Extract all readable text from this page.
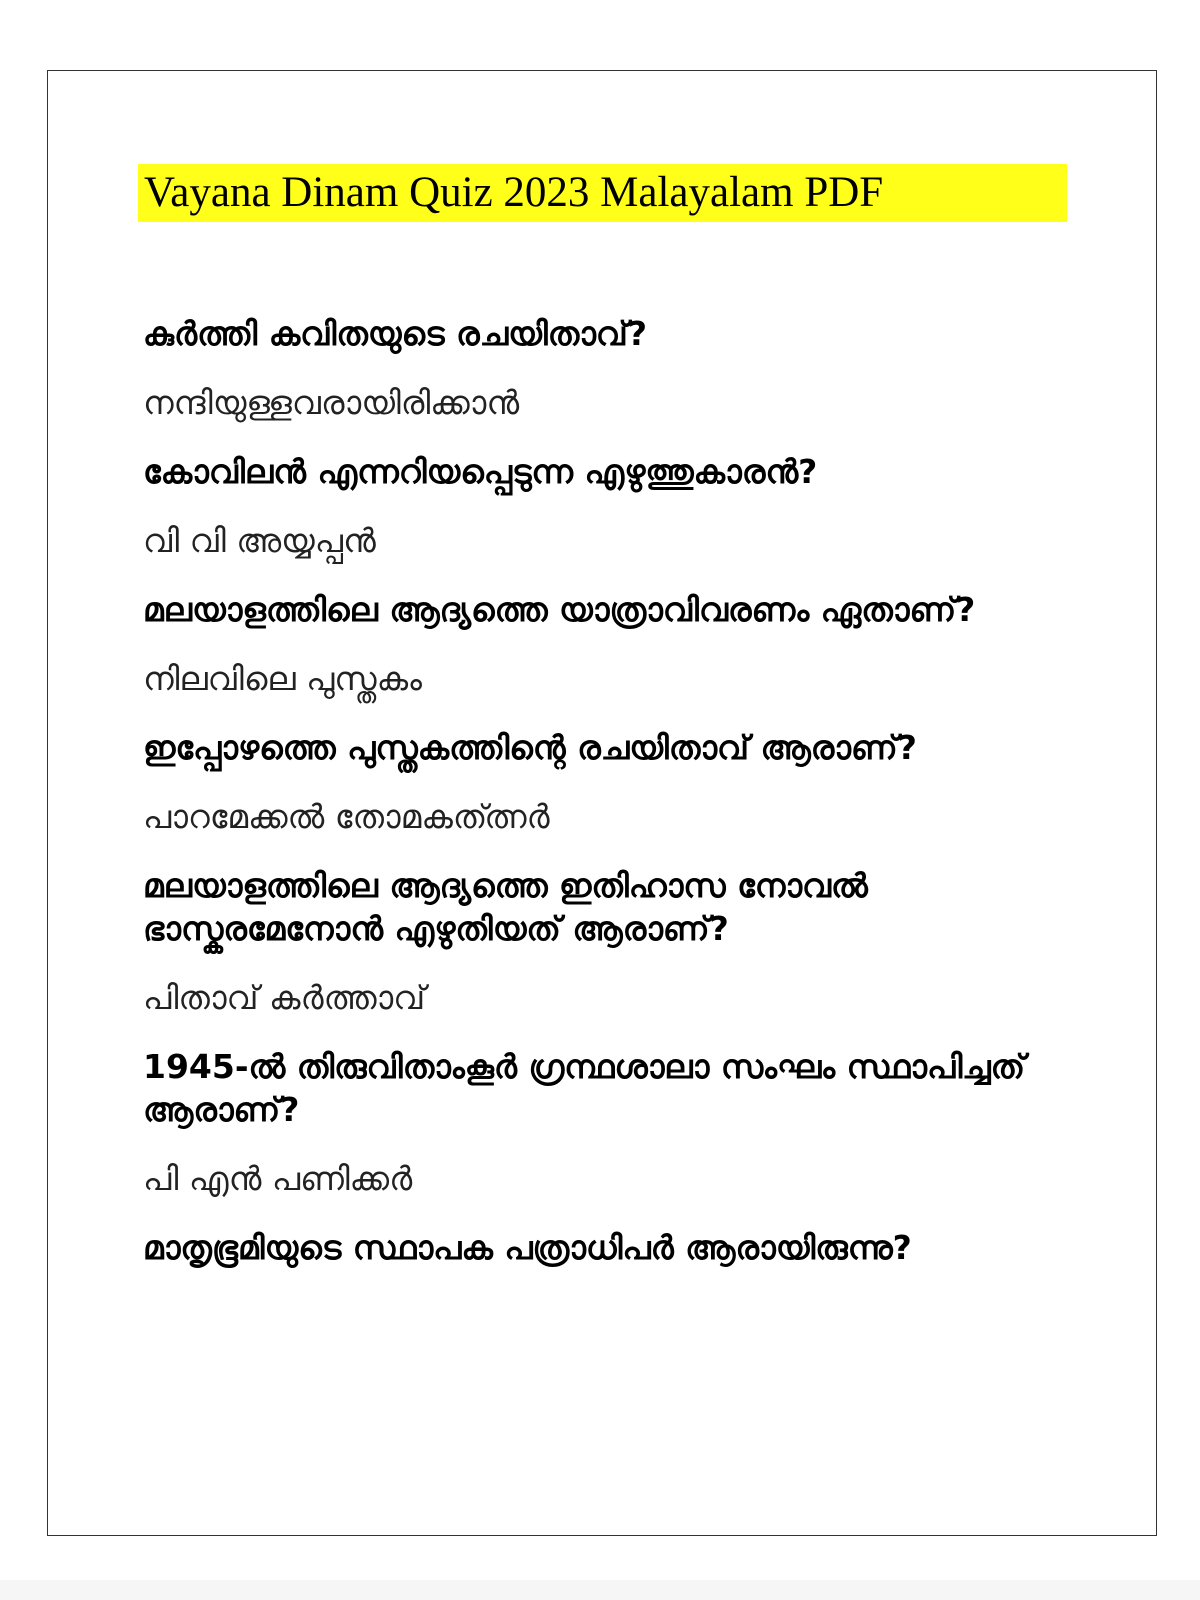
Vayana Dinam Quiz 2023 Malayalam PDF

കുർത്തി കവിതയുടെ രചയിതാവ്?

നന്ദിയുള്ളവരായിരിക്കാൻ

കോവിലൻ എന്നറിയപ്പെടുന്ന എഴുത്തുകാരൻ?

വി വി അയ്യപ്പൻ

മലയാളത്തിലെ ആദ്യത്തെ യാത്രാവിവരണം ഏതാണ്?

നിലവിലെ പുസ്തകം

ഇപ്പോഴത്തെ പുസ്തകത്തിന്റെ രചയിതാവ് ആരാണ്?

പാറമേക്കൽ തോമകത്ത്നർ

മലയാളത്തിലെ ആദ്യത്തെ ഇതിഹാസ നോവൽ ഭാസ്കരമേനോൻ എഴുതിയത് ആരാണ്?

പിതാവ് കർത്താവ്

1945-ൽ തിരുവിതാംകൂർ ഗ്രന്ഥശാലാ സംഘം സ്ഥാപിച്ചത് ആരാണ്?

പി എൻ പണിക്കർ

മാതൃഭൂമിയുടെ സ്ഥാപക പത്രാധിപർ ആരായിരുന്നു?
